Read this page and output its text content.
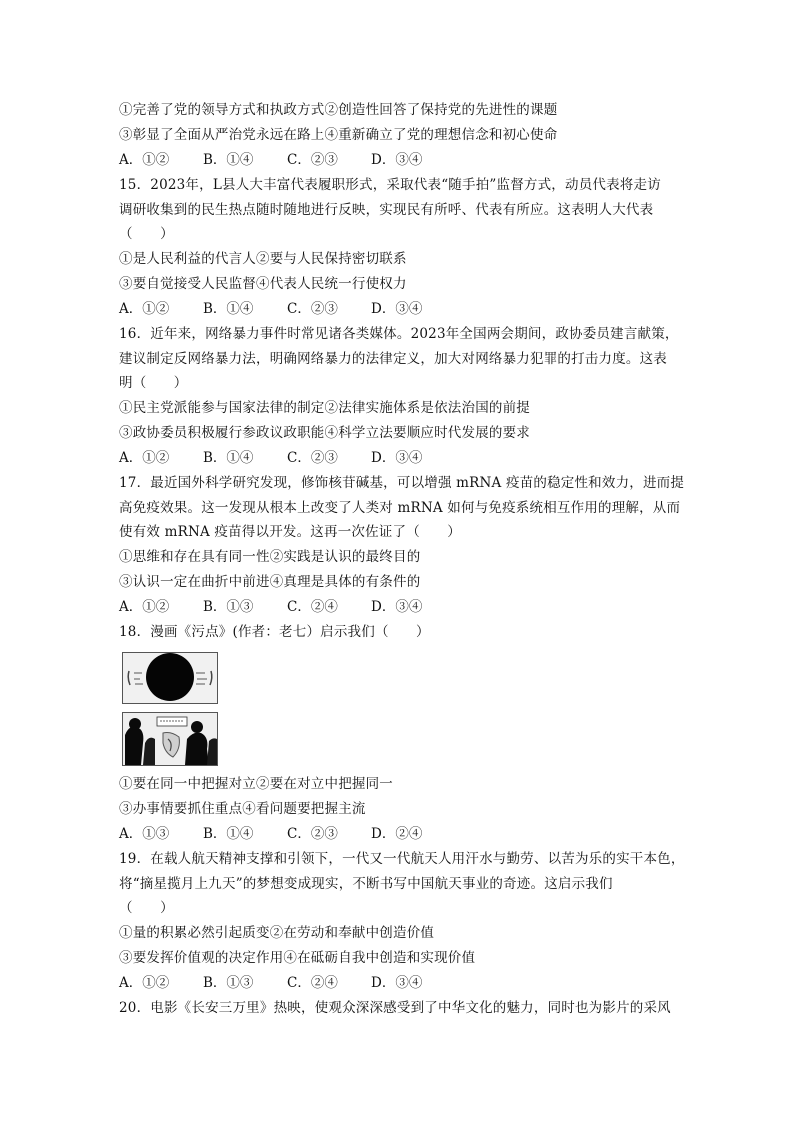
①完善了党的领导方式和执政方式②创造性回答了保持党的先进性的课题
③彰显了全面从严治党永远在路上④重新确立了党的理想信念和初心使命
A．①②	B．①④ C．②③ D．③④
15．2023年，L县人大丰富代表履职形式，采取代表“随手拍”监督方式，动员代表将走访
调研收集到的民生热点随时随地进行反映，实现民有所呼、代表有所应。这表明人大代表
（　　）
①是人民利益的代言人②要与人民保持密切联系
③要自觉接受人民监督④代表人民统一行使权力
A．①②	B．①④ C．②③ D．③④
16．近年来，网络暴力事件时常见诸各类媒体。2023年全国两会期间，政协委员建言献策，
建议制定反网络暴力法，明确网络暴力的法律定义，加大对网络暴力犯罪的打击力度。这表
明（　　）
①民主党派能参与国家法律的制定②法律实施体系是依法治国的前提
③政协委员积极履行参政议政职能④科学立法要顺应时代发展的要求
A．①②	B．①④ C．②③ D．③④
17．最近国外科学研究发现，修饰核苷碱基，可以增强 mRNA 疫苗的稳定性和效力，进而提
高免疫效果。这一发现从根本上改变了人类对 mRNA 如何与免疫系统相互作用的理解，从而
使有效 mRNA 疫苗得以开发。这再一次佐证了（　　）
①思维和存在具有同一性②实践是认识的最终目的
③认识一定在曲折中前进④真理是具体的有条件的
A．①②	B．①③ C．②④ D．③④
18．漫画《污点》(作者：老七）启示我们（　　）
①要在同一中把握对立②要在对立中把握同一
③办事情要抓住重点④看问题要把握主流
A．①③	B．①④ C．②③ D．②④
19．在载人航天精神支撑和引领下，一代又一代航天人用汗水与勤劳、以苦为乐的实干本色，
将“摘星揽月上九天”的梦想变成现实，不断书写中国航天事业的奇迹。这启示我们
（　　）
①量的积累必然引起质变②在劳动和奉献中创造价值
③要发挥价值观的决定作用④在砥砺自我中创造和实现价值
A．①②	B．①③ C．②④ D．③④
20．电影《长安三万里》热映，使观众深深感受到了中华文化的魅力，同时也为影片的采风
